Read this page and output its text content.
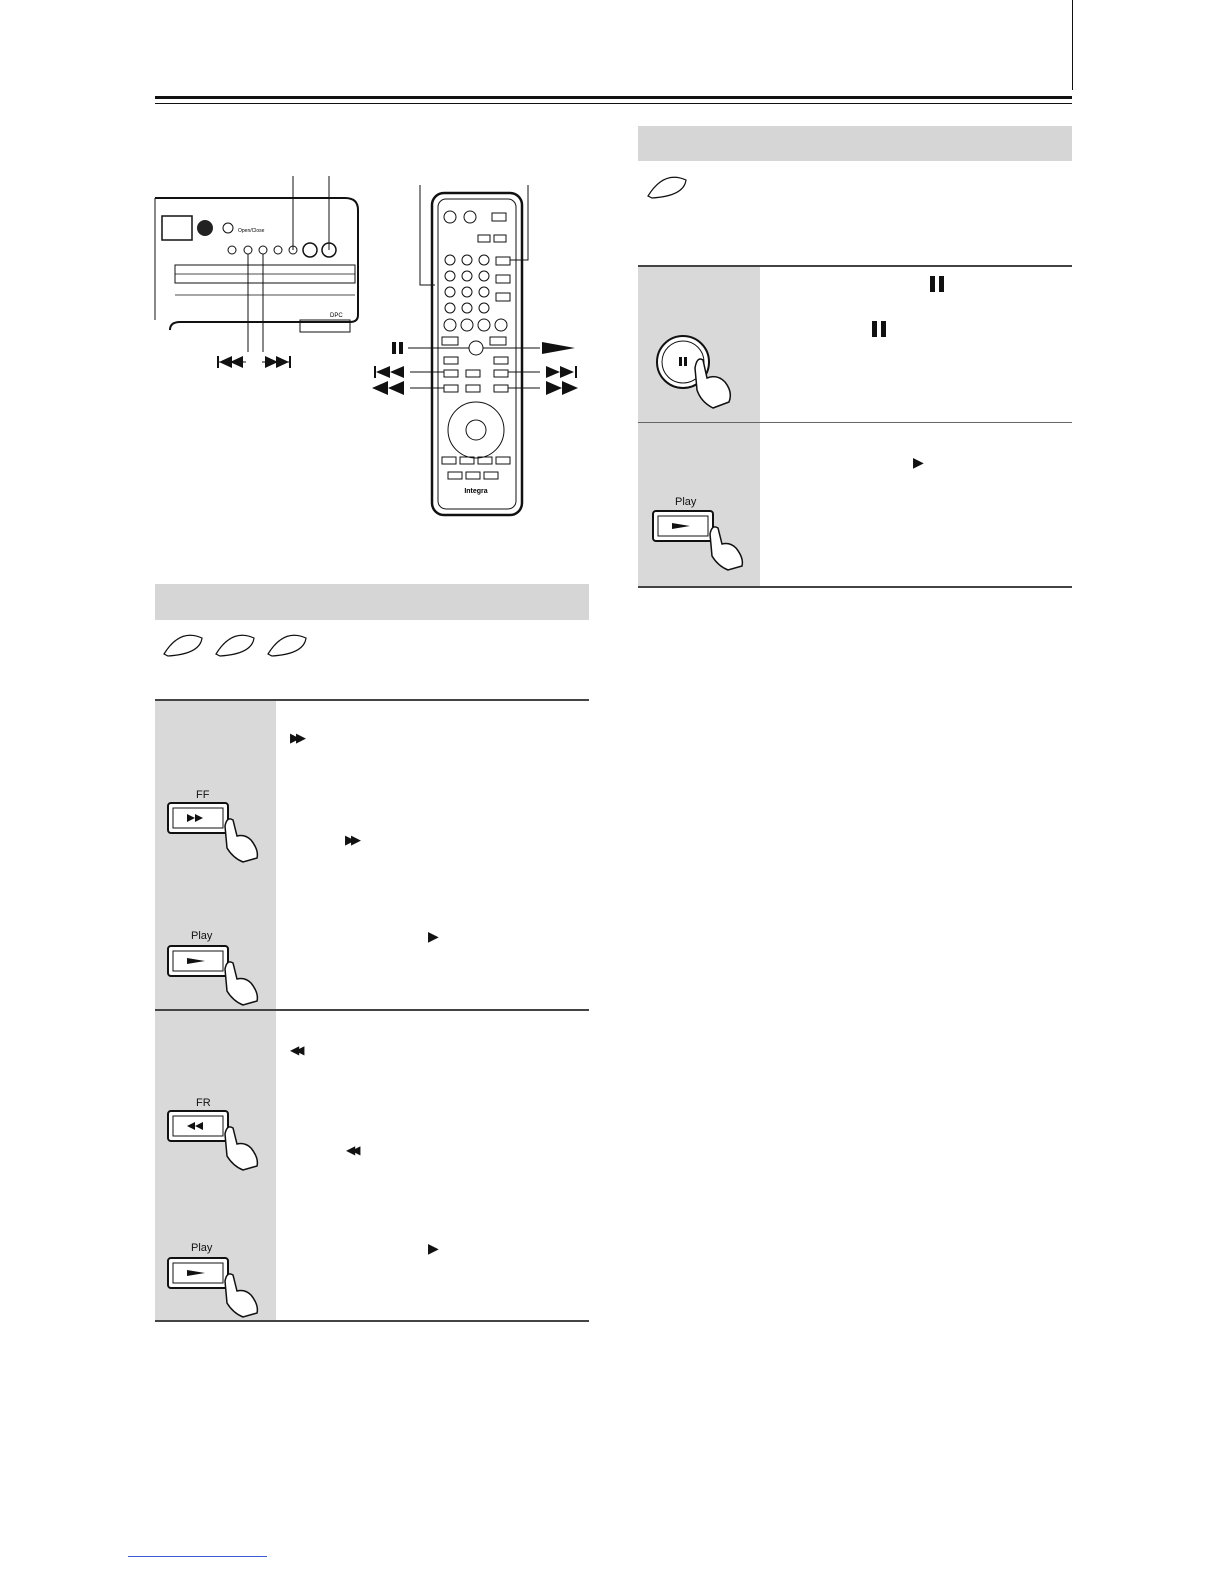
Open/Close
DPC
Integra
FF
▶▶
▶▶
▶
Play
FR
◀◀
◀◀
▶
Play
▶
Play
